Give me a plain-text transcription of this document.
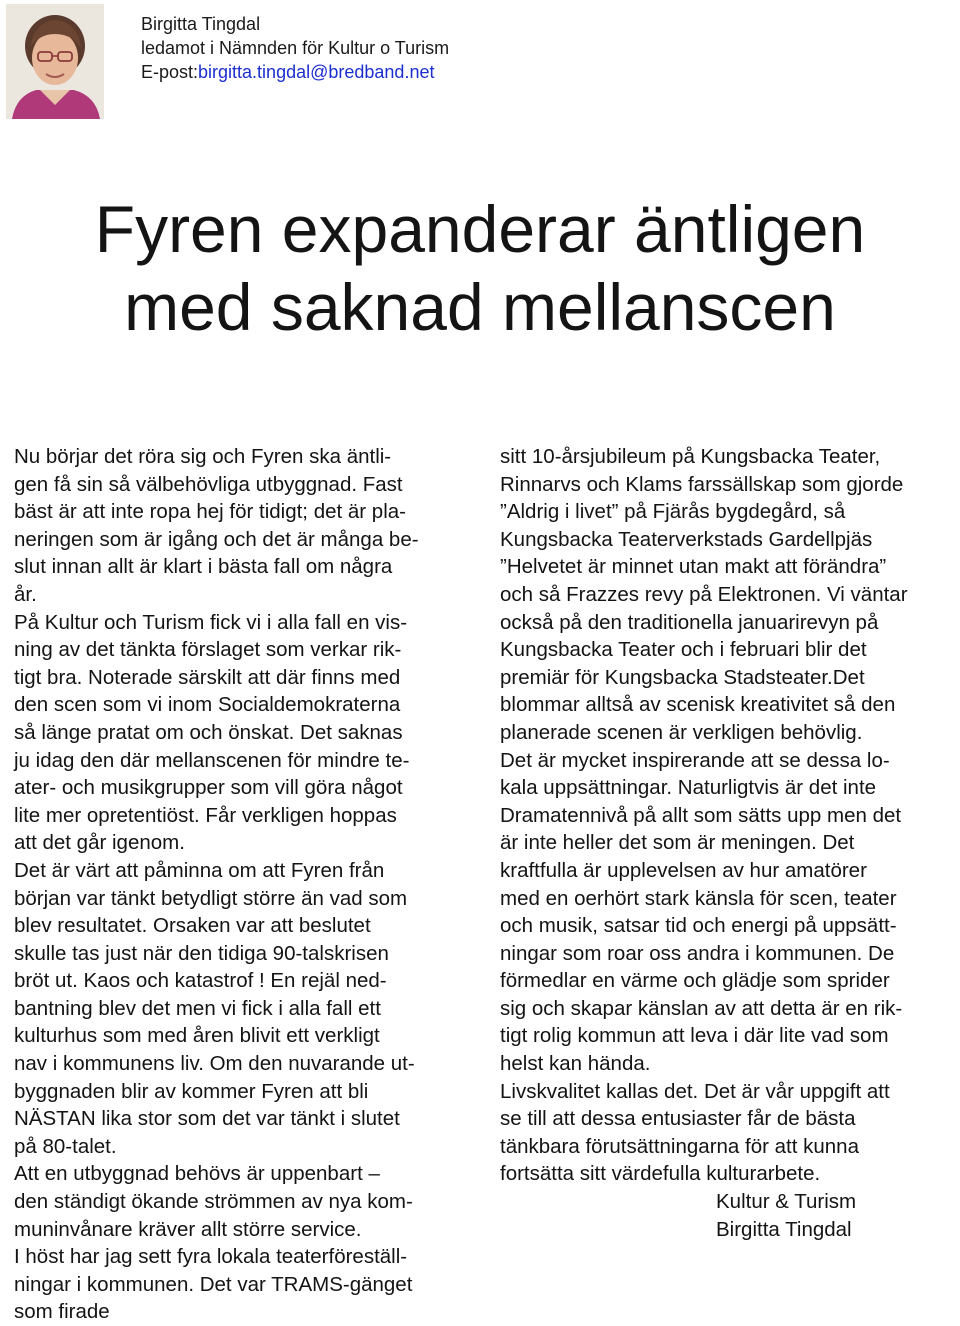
Birgitta Tingdal
ledamot i Nämnden för Kultur o Turism
E-post:birgitta.tingdal@bredband.net
Fyren expanderar äntligen
med saknad mellanscen
Nu börjar det röra sig och Fyren ska äntli-
gen få sin så välbehövliga utbyggnad. Fast
bäst är att inte ropa hej för tidigt; det är pla-
neringen som är igång och det är många be-
slut innan allt är klart i bästa fall om några
år.
På Kultur och Turism fick vi i alla fall en vis-
ning av det tänkta förslaget som verkar rik-
tigt bra. Noterade särskilt att där finns med
den scen som vi inom Socialdemokraterna
så länge pratat om och önskat. Det saknas
ju idag den där mellanscenen för mindre te-
ater- och musikgrupper som vill göra något
lite mer opretentiöst. Får verkligen hoppas
att det går igenom.
Det är värt att påminna om att Fyren från
början var tänkt betydligt större än vad som
blev resultatet. Orsaken var att beslutet
skulle tas just när den tidiga 90-talskrisen
bröt ut. Kaos och katastrof ! En rejäl ned-
bantning blev det men vi fick i alla fall ett
kulturhus som med åren blivit ett verkligt
nav i kommunens liv. Om den nuvarande ut-
byggnaden blir av kommer Fyren att bli
NÄSTAN lika stor som det var tänkt i slutet
på 80-talet.
Att en utbyggnad behövs är uppenbart –
den ständigt ökande strömmen av nya kom-
muninvånare kräver allt större service.
I höst har jag sett fyra lokala teaterföreställ-
ningar i kommunen. Det var TRAMS-gänget
som firade
sitt 10-årsjubileum på Kungsbacka Teater,
Rinnarvs och Klams farssällskap som gjorde
”Aldrig i livet” på Fjärås bygdegård, så
Kungsbacka Teaterverkstads Gardellpjäs
”Helvetet är minnet utan makt att förändra”
och så Frazzes revy på Elektronen. Vi väntar
också på den traditionella januarirevyn på
Kungsbacka Teater och i februari blir det
premiär för Kungsbacka Stadsteater.Det
blommar alltså av scenisk kreativitet så den
planerade scenen är verkligen behövlig.
Det är mycket inspirerande att se dessa lo-
kala uppsättningar. Naturligtvis är det inte
Dramatennivå på allt som sätts upp men det
är inte heller det som är meningen. Det
kraftfulla är upplevelsen av hur amatörer
med en oerhört stark känsla för scen, teater
och musik, satsar tid och energi på uppsätt-
ningar som roar oss andra i kommunen. De
förmedlar en värme och glädje som sprider
sig och skapar känslan av att detta är en rik-
tigt rolig kommun att leva i där lite vad som
helst kan hända.
Livskvalitet kallas det. Det är vår uppgift att
se till att dessa entusiaster får de bästa
tänkbara förutsättningarna för att kunna
fortsätta sitt värdefulla kulturarbete.
Kultur & Turism
Birgitta Tingdal
